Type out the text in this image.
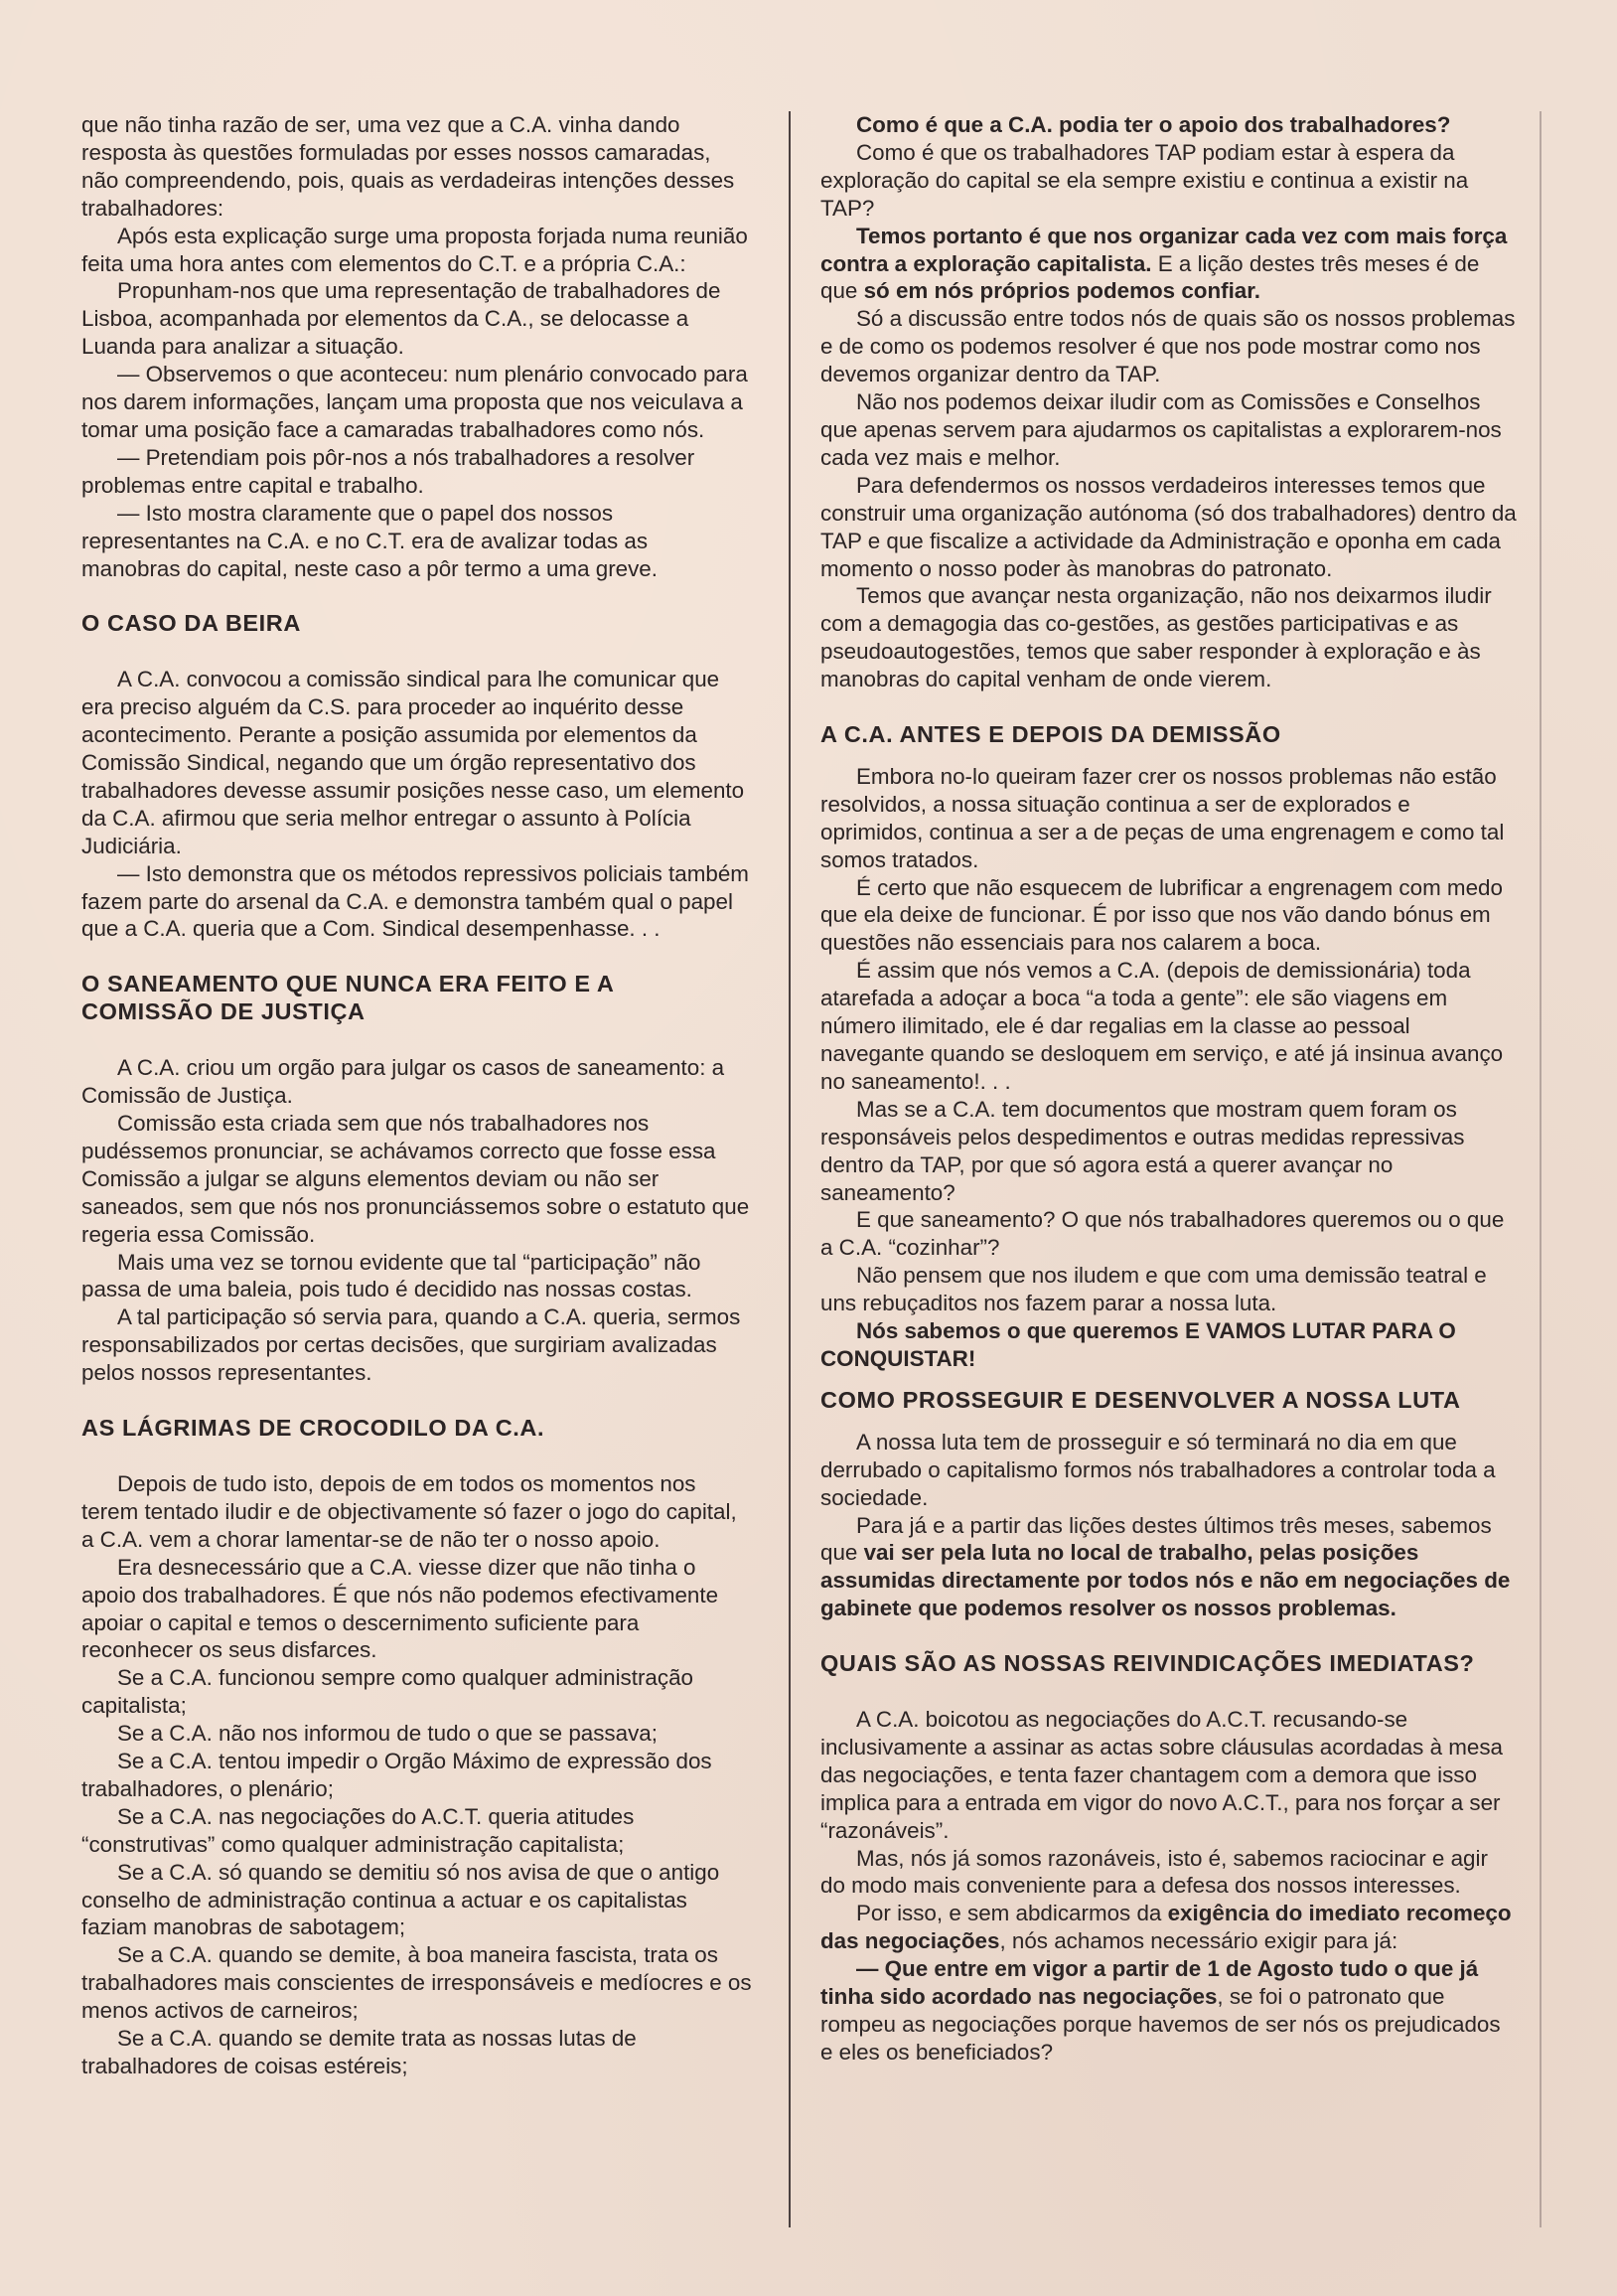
que não tinha razão de ser, uma vez que a C.A. vinha dando resposta às questões formuladas por esses nossos camaradas, não compreendendo, pois, quais as verdadeiras intenções desses trabalhadores:

Após esta explicação surge uma proposta forjada numa reunião feita uma hora antes com elementos do C.T. e a própria C.A.:

Propunham-nos que uma representação de trabalhadores de Lisboa, acompanhada por elementos da C.A., se delocasse a Luanda para analizar a situação.

— Observemos o que aconteceu: num plenário convocado para nos darem informações, lançam uma proposta que nos veiculava a tomar uma posição face a camaradas trabalhadores como nós.

— Pretendiam pois pôr-nos a nós trabalhadores a resolver problemas entre capital e trabalho.

— Isto mostra claramente que o papel dos nossos representantes na C.A. e no C.T. era de avalizar todas as manobras do capital, neste caso a pôr termo a uma greve.

O CASO DA BEIRA

A C.A. convocou a comissão sindical para lhe comunicar que era preciso alguém da C.S. para proceder ao inquérito desse acontecimento. Perante a posição assumida por elementos da Comissão Sindical, negando que um órgão representativo dos trabalhadores devesse assumir posições nesse caso, um elemento da C.A. afirmou que seria melhor entregar o assunto à Polícia Judiciária.

— Isto demonstra que os métodos repressivos policiais também fazem parte do arsenal da C.A. e demonstra também qual o papel que a C.A. queria que a Com. Sindical desempenhasse. . .

O SANEAMENTO QUE NUNCA ERA FEITO E A COMISSÃO DE JUSTIÇA

A C.A. criou um orgão para julgar os casos de saneamento: a Comissão de Justiça.

Comissão esta criada sem que nós trabalhadores nos pudéssemos pronunciar, se achávamos correcto que fosse essa Comissão a julgar se alguns elementos deviam ou não ser saneados, sem que nós nos pronunciássemos sobre o estatuto que regeria essa Comissão.

Mais uma vez se tornou evidente que tal “participação” não passa de uma baleia, pois tudo é decidido nas nossas costas.

A tal participação só servia para, quando a C.A. queria, sermos responsabilizados por certas decisões, que surgiriam avalizadas pelos nossos representantes.

AS LÁGRIMAS DE CROCODILO DA C.A.

Depois de tudo isto, depois de em todos os momentos nos terem tentado iludir e de objectivamente só fazer o jogo do capital, a C.A. vem a chorar lamentar-se de não ter o nosso apoio.

Era desnecessário que a C.A. viesse dizer que não tinha o apoio dos trabalhadores. É que nós não podemos efectivamente apoiar o capital e temos o descernimento suficiente para reconhecer os seus disfarces.

Se a C.A. funcionou sempre como qualquer administração capitalista;

Se a C.A. não nos informou de tudo o que se passava;

Se a C.A. tentou impedir o Orgão Máximo de expressão dos trabalhadores, o plenário;

Se a C.A. nas negociações do A.C.T. queria atitudes “construtivas” como qualquer administração capitalista;

Se a C.A. só quando se demitiu só nos avisa de que o antigo conselho de administração continua a actuar e os capitalistas faziam manobras de sabotagem;

Se a C.A. quando se demite, à boa maneira fascista, trata os trabalhadores mais conscientes de irresponsáveis e medíocres e os menos activos de carneiros;

Se a C.A. quando se demite trata as nossas lutas de trabalhadores de coisas estéreis;

Como é que a C.A. podia ter o apoio dos trabalhadores?

Como é que os trabalhadores TAP podiam estar à espera da exploração do capital se ela sempre existiu e continua a existir na TAP?

Temos portanto é que nos organizar cada vez com mais força contra a exploração capitalista. E a lição destes três meses é de que só em nós próprios podemos confiar.

Só a discussão entre todos nós de quais são os nossos problemas e de como os podemos resolver é que nos pode mostrar como nos devemos organizar dentro da TAP.

Não nos podemos deixar iludir com as Comissões e Conselhos que apenas servem para ajudarmos os capitalistas a explorarem-nos cada vez mais e melhor.

Para defendermos os nossos verdadeiros interesses temos que construir uma organização autónoma (só dos trabalhadores) dentro da TAP e que fiscalize a actividade da Administração e oponha em cada momento o nosso poder às manobras do patronato.

Temos que avançar nesta organização, não nos deixarmos iludir com a demagogia das co-gestões, as gestões participativas e as pseudoautogestões, temos que saber responder à exploração e às manobras do capital venham de onde vierem.

A C.A. ANTES E DEPOIS DA DEMISSÃO

Embora no-lo queiram fazer crer os nossos problemas não estão resolvidos, a nossa situação continua a ser de explorados e oprimidos, continua a ser a de peças de uma engrenagem e como tal somos tratados.

É certo que não esquecem de lubrificar a engrenagem com medo que ela deixe de funcionar. É por isso que nos vão dando bónus em questões não essenciais para nos calarem a boca.

É assim que nós vemos a C.A. (depois de demissionária) toda atarefada a adoçar a boca “a toda a gente”: ele são viagens em número ilimitado, ele é dar regalias em la classe ao pessoal navegante quando se desloquem em serviço, e até já insinua avanço no saneamento!. . .

Mas se a C.A. tem documentos que mostram quem foram os responsáveis pelos despedimentos e outras medidas repressivas dentro da TAP, por que só agora está a querer avançar no saneamento?

E que saneamento? O que nós trabalhadores queremos ou o que a C.A. “cozinhar”?

Não pensem que nos iludem e que com uma demissão teatral e uns rebuçaditos nos fazem parar a nossa luta.

Nós sabemos o que queremos E VAMOS LUTAR PARA O CONQUISTAR!

COMO PROSSEGUIR E DESENVOLVER A NOSSA LUTA

A nossa luta tem de prosseguir e só terminará no dia em que derrubado o capitalismo formos nós trabalhadores a controlar toda a sociedade.

Para já e a partir das lições destes últimos três meses, sabemos que vai ser pela luta no local de trabalho, pelas posições assumidas directamente por todos nós e não em negociações de gabinete que podemos resolver os nossos problemas.

QUAIS SÃO AS NOSSAS REIVINDICAÇÕES IMEDIATAS?

A C.A. boicotou as negociações do A.C.T. recusando-se inclusivamente a assinar as actas sobre cláusulas acordadas à mesa das negociações, e tenta fazer chantagem com a demora que isso implica para a entrada em vigor do novo A.C.T., para nos forçar a ser “razonáveis”.

Mas, nós já somos razonáveis, isto é, sabemos raciocinar e agir do modo mais conveniente para a defesa dos nossos interesses.

Por isso, e sem abdicarmos da exigência do imediato recomeço das negociações, nós achamos necessário exigir para já:

— Que entre em vigor a partir de 1 de Agosto tudo o que já tinha sido acordado nas negociações, se foi o patronato que rompeu as negociações porque havemos de ser nós os prejudicados e eles os beneficiados?
